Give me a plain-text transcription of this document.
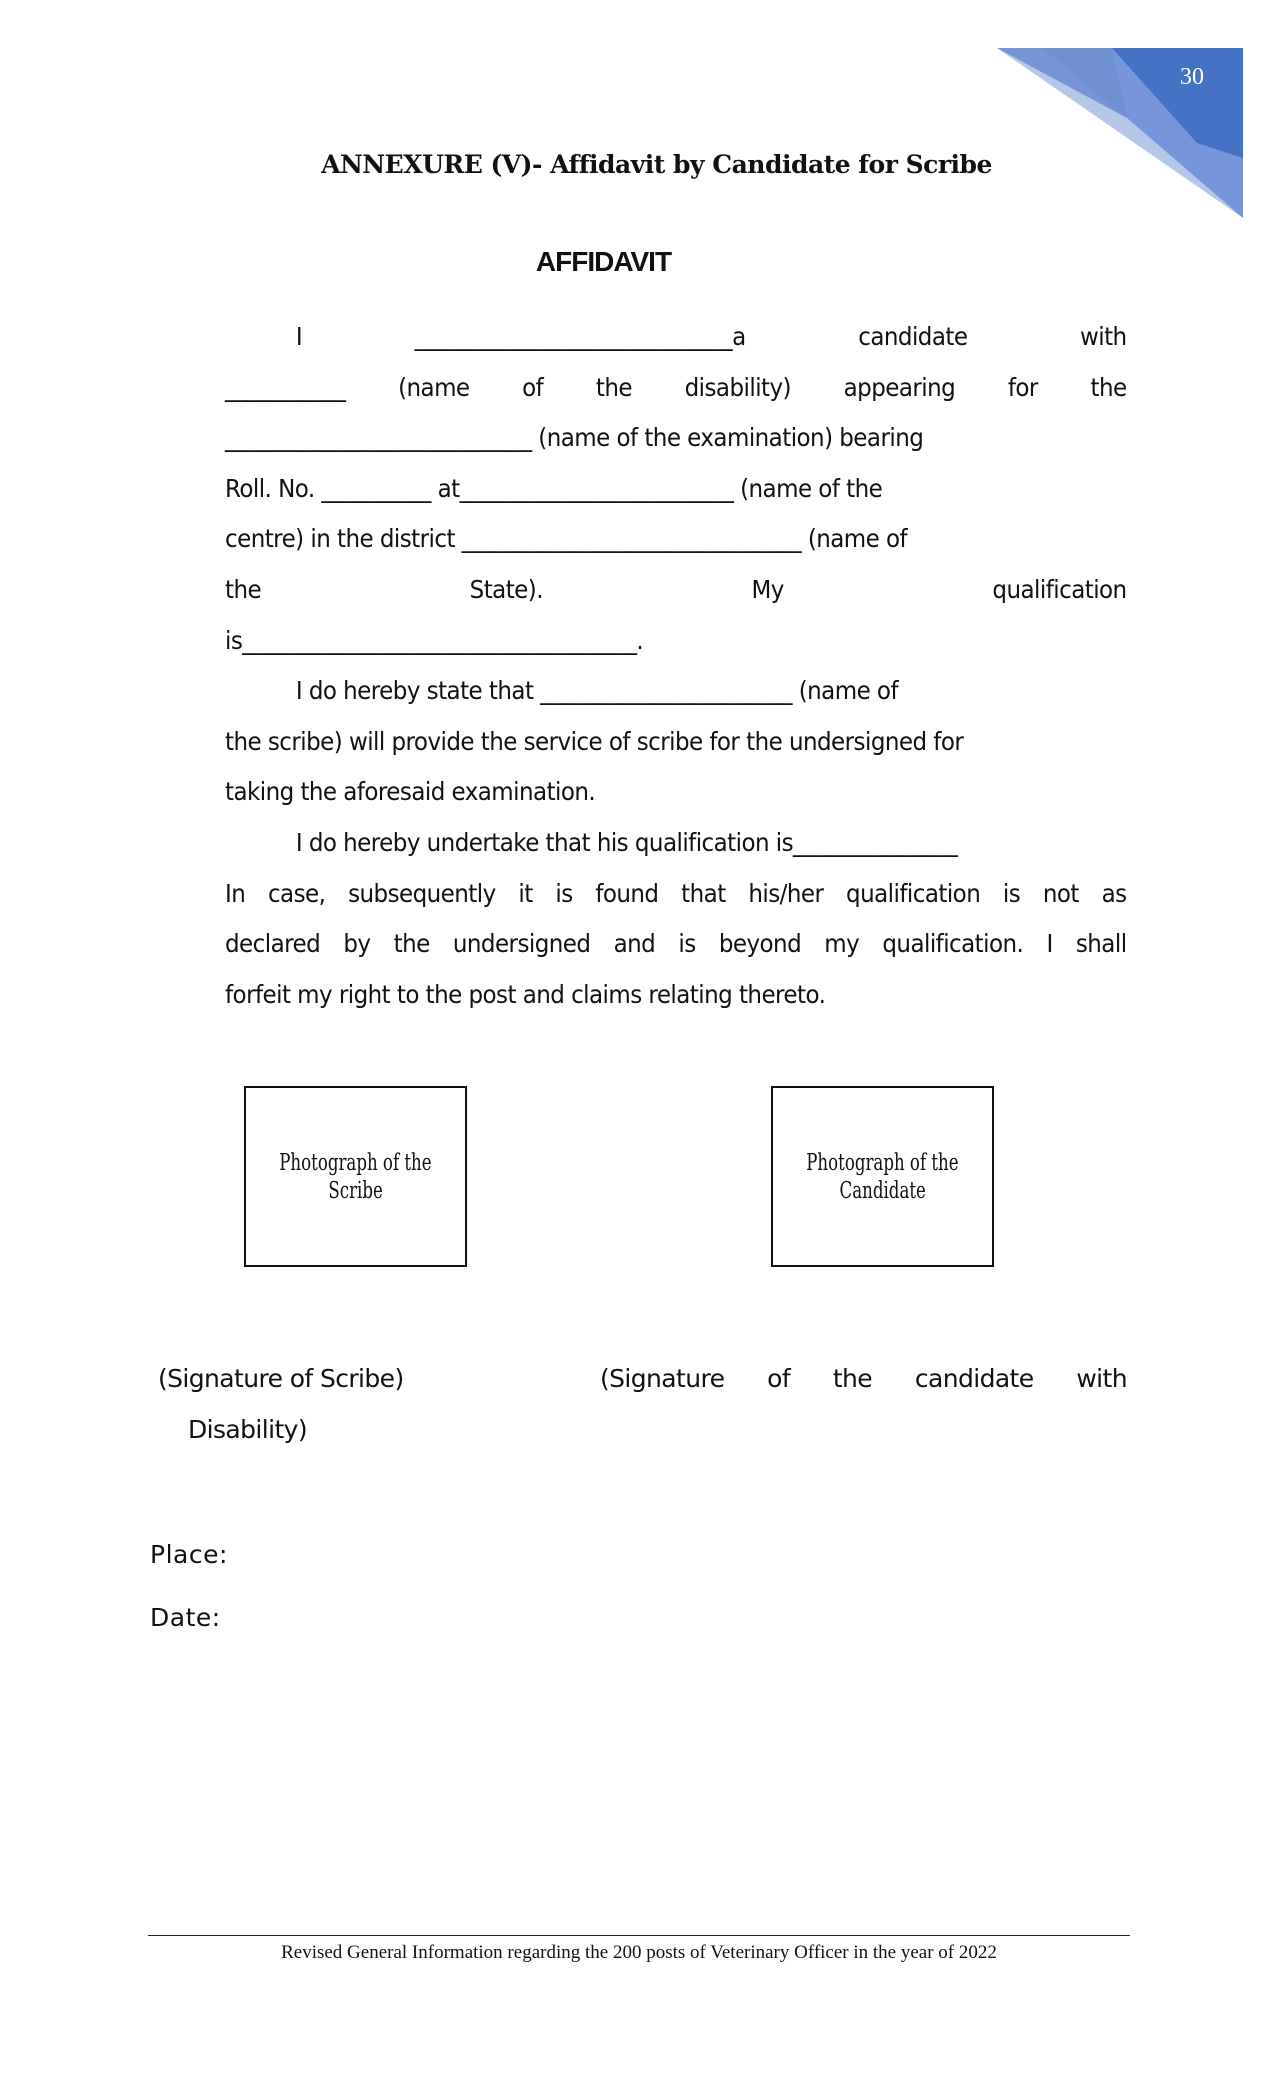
30
ANNEXURE (V)- Affidavit by Candidate for Scribe
AFFIDAVIT
I	_____________________________a	candidate	with
___________ (name of the disability) appearing for the
____________________________ (name of the examination) bearing
Roll. No. __________ at_________________________ (name of the
centre) in the district _______________________________ (name of
the	State).	My	qualification
is____________________________________.
I do hereby state that _______________________ (name of
the scribe) will provide the service of scribe for the undersigned for
taking the aforesaid examination.
I do hereby undertake that his qualification is_______________
In case, subsequently it is found that his/her qualification is not as
declared by the undersigned and is beyond my qualification. I shall
forfeit my right to the post and claims relating thereto.
Photograph of the
Scribe
Photograph of the
Candidate
(Signature of Scribe)	(Signature of the candidate with
Disability)
Place:
Date:
Revised General Information regarding the 200 posts of Veterinary Officer in the year of 2022
